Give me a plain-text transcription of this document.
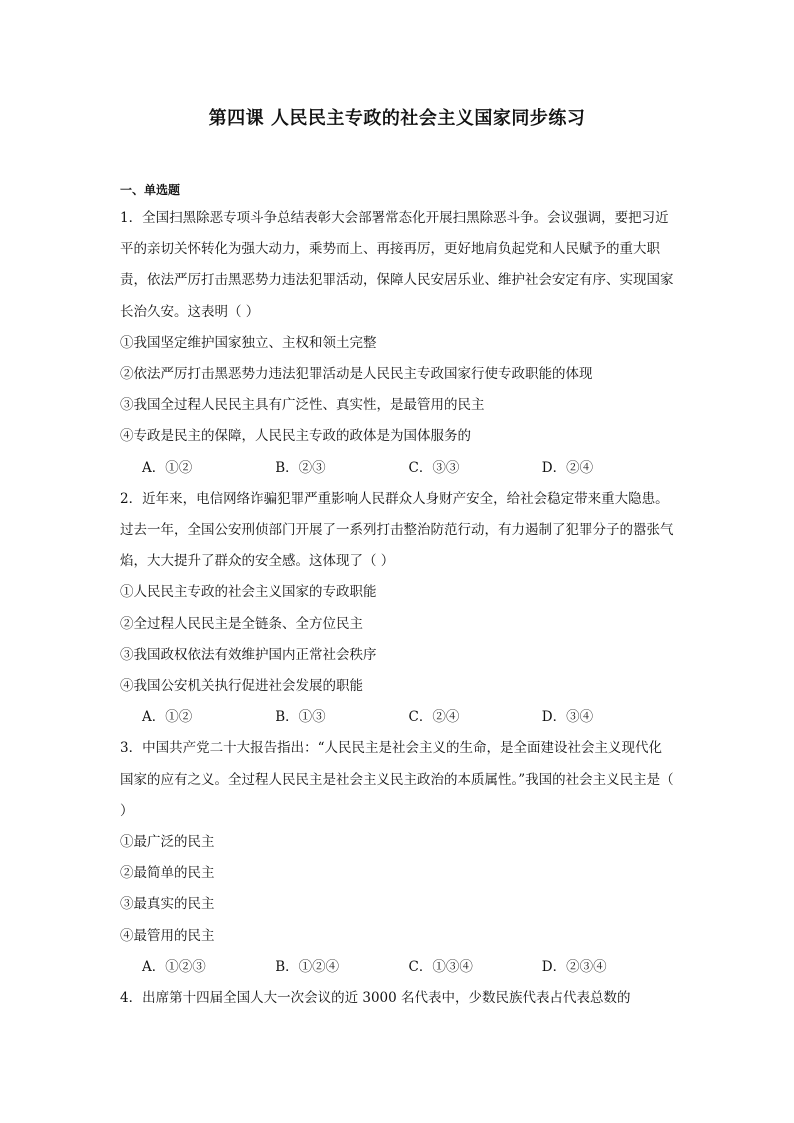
第四课 人民民主专政的社会主义国家同步练习
一、单选题

1．全国扫黑除恶专项斗争总结表彰大会部署常态化开展扫黑除恶斗争。会议强调，要把习近平的亲切关怀转化为强大动力，乘势而上、再接再厉，更好地肩负起党和人民赋予的重大职责，依法严厉打击黑恶势力违法犯罪活动，保障人民安居乐业、维护社会安定有序、实现国家长治久安。这表明（ ）

①我国坚定维护国家独立、主权和领土完整

②依法严厉打击黑恶势力违法犯罪活动是人民民主专政国家行使专政职能的体现

③我国全过程人民民主具有广泛性、真实性，是最管用的民主

④专政是民主的保障，人民民主专政的政体是为国体服务的

A．①②	B．②③	C．③③	D．②④

2．近年来，电信网络诈骗犯罪严重影响人民群众人身财产安全，给社会稳定带来重大隐患。过去一年，全国公安刑侦部门开展了一系列打击整治防范行动，有力遏制了犯罪分子的嚣张气焰，大大提升了群众的安全感。这体现了（ ）

①人民民主专政的社会主义国家的专政职能

②全过程人民民主是全链条、全方位民主

③我国政权依法有效维护国内正常社会秩序

④我国公安机关执行促进社会发展的职能

A．①②	B．①③	C．②④	D．③④

3．中国共产党二十大报告指出：“人民民主是社会主义的生命，是全面建设社会主义现代化国家的应有之义。全过程人民民主是社会主义民主政治的本质属性。”我国的社会主义民主是（ ）

①最广泛的民主

②最简单的民主

③最真实的民主

④最管用的民主

A．①②③	B．①②④	C．①③④	D．②③④

4．出席第十四届全国人大一次会议的近 3000 名代表中，少数民族代表占代表总数的
